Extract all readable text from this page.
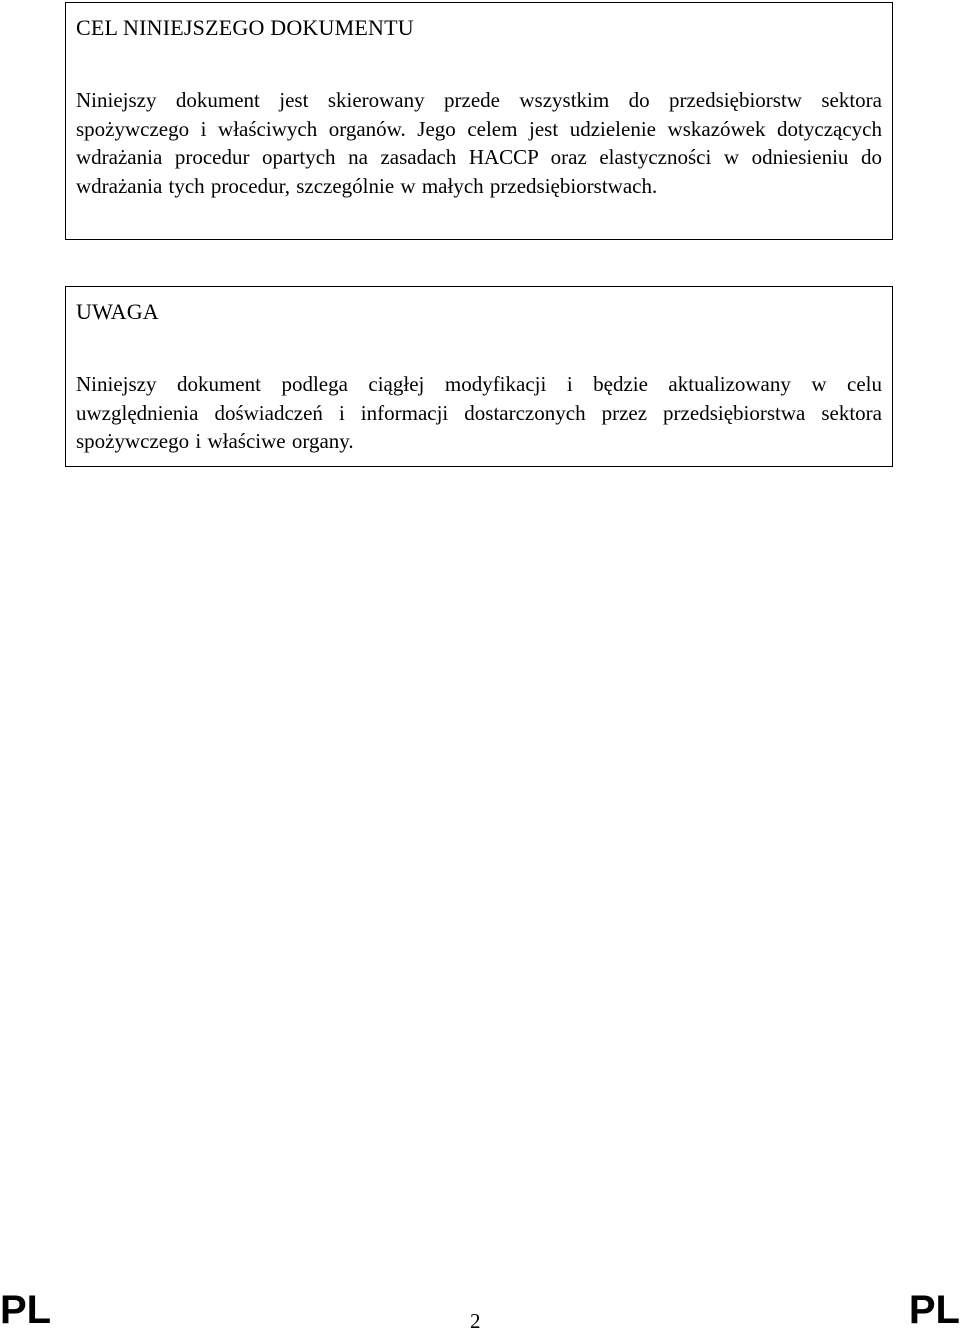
CEL NINIEJSZEGO DOKUMENTU

Niniejszy dokument jest skierowany przede wszystkim do przedsiębiorstw sektora spożywczego i właściwych organów. Jego celem jest udzielenie wskazówek dotyczących wdrażania procedur opartych na zasadach HACCP oraz elastyczności w odniesieniu do wdrażania tych procedur, szczególnie w małych przedsiębiorstwach.

UWAGA

Niniejszy dokument podlega ciągłej modyfikacji i będzie aktualizowany w celu uwzględnienia doświadczeń i informacji dostarczonych przez przedsiębiorstwa sektora spożywczego i właściwe organy.

PL	2	PL
